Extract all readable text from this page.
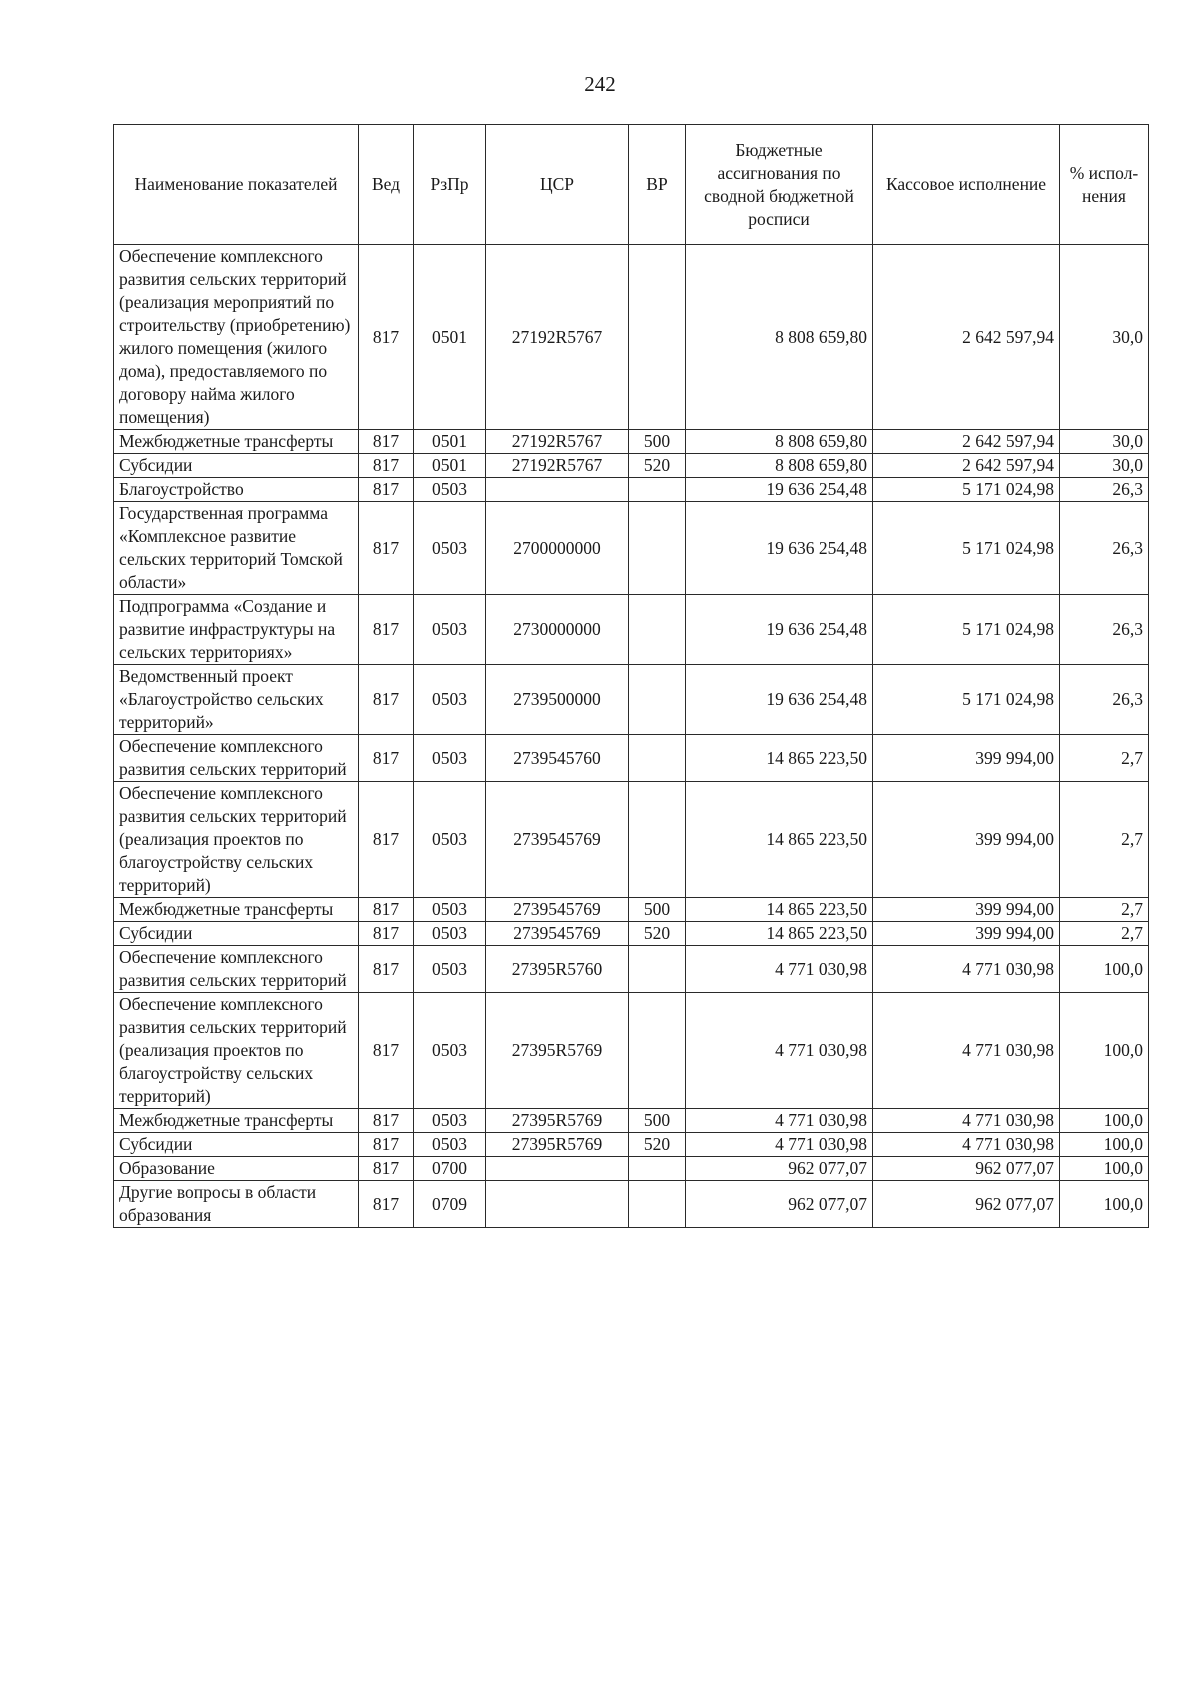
242
Наименование показателей	Вед	РзПр	ЦСР	ВР	Бюджетные ассигнования по сводной бюджетной росписи	Кассовое исполнение	% испол-нения
Обеспечение комплексного развития сельских территорий (реализация мероприятий по строительству (приобретению) жилого помещения (жилого дома), предоставляемого по договору найма жилого помещения)	817	0501	27192R5767		8 808 659,80	2 642 597,94	30,0
Межбюджетные трансферты	817	0501	27192R5767	500	8 808 659,80	2 642 597,94	30,0
Субсидии	817	0501	27192R5767	520	8 808 659,80	2 642 597,94	30,0
Благоустройство	817	0503			19 636 254,48	5 171 024,98	26,3
Государственная программа «Комплексное развитие сельских территорий Томской области»	817	0503	2700000000		19 636 254,48	5 171 024,98	26,3
Подпрограмма «Создание и развитие инфраструктуры на сельских территориях»	817	0503	2730000000		19 636 254,48	5 171 024,98	26,3
Ведомственный проект «Благоустройство сельских территорий»	817	0503	2739500000		19 636 254,48	5 171 024,98	26,3
Обеспечение комплексного развития сельских территорий	817	0503	2739545760		14 865 223,50	399 994,00	2,7
Обеспечение комплексного развития сельских территорий (реализация проектов по благоустройству сельских территорий)	817	0503	2739545769		14 865 223,50	399 994,00	2,7
Межбюджетные трансферты	817	0503	2739545769	500	14 865 223,50	399 994,00	2,7
Субсидии	817	0503	2739545769	520	14 865 223,50	399 994,00	2,7
Обеспечение комплексного развития сельских территорий	817	0503	27395R5760		4 771 030,98	4 771 030,98	100,0
Обеспечение комплексного развития сельских территорий (реализация проектов по благоустройству сельских территорий)	817	0503	27395R5769		4 771 030,98	4 771 030,98	100,0
Межбюджетные трансферты	817	0503	27395R5769	500	4 771 030,98	4 771 030,98	100,0
Субсидии	817	0503	27395R5769	520	4 771 030,98	4 771 030,98	100,0
Образование	817	0700			962 077,07	962 077,07	100,0
Другие вопросы в области образования	817	0709			962 077,07	962 077,07	100,0
